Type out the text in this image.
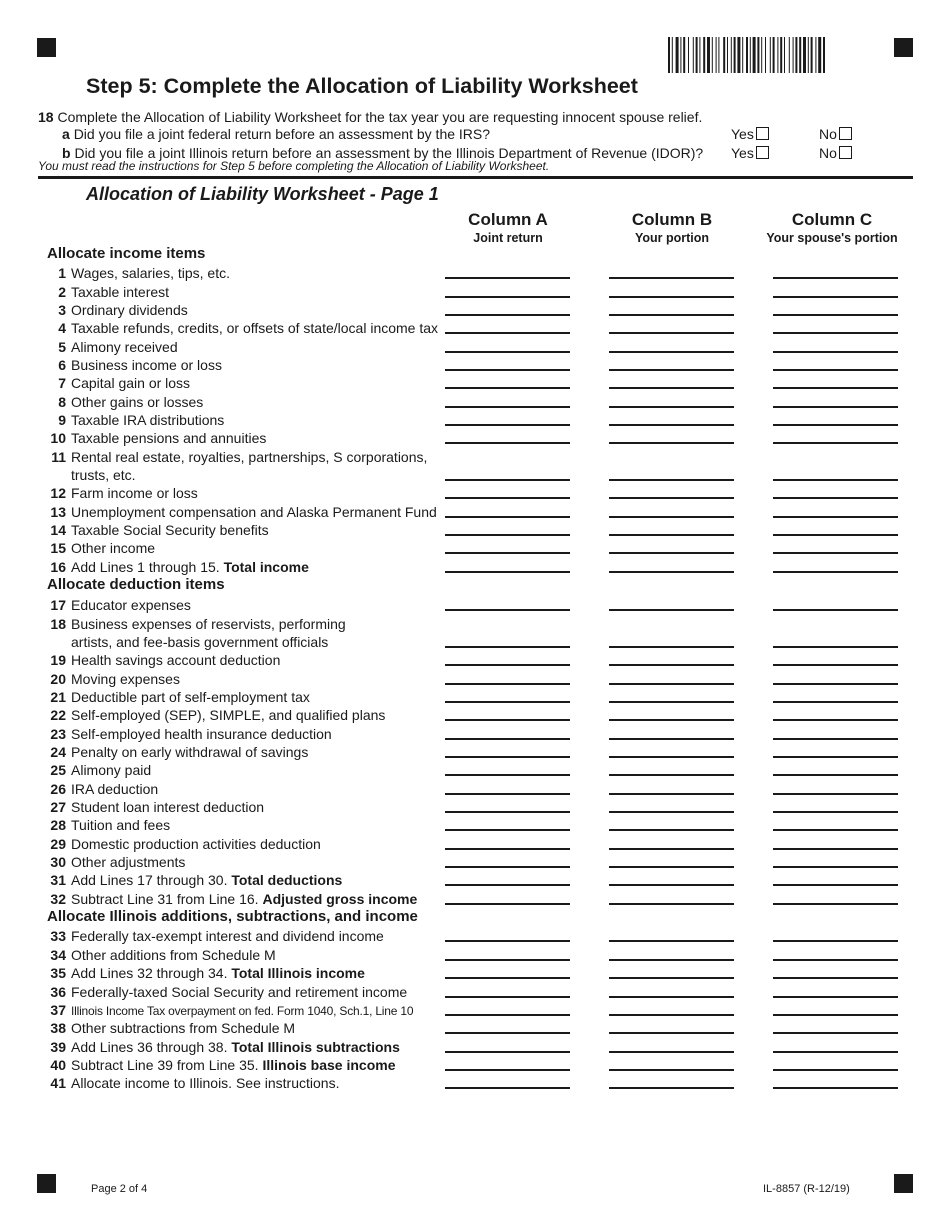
Step 5: Complete the Allocation of Liability Worksheet
18 Complete the Allocation of Liability Worksheet for the tax year you are requesting innocent spouse relief.
a Did you file a joint federal return before an assessment by the IRS?
b Did you file a joint Illinois return before an assessment by the Illinois Department of Revenue (IDOR)?
Yes	No
Yes	No
You must read the instructions for Step 5 before completing the Allocation of Liability Worksheet.
Allocation of Liability Worksheet - Page 1
Column A
Joint return
Column B
Your portion
Column C
Your spouse's portion
Allocate income items
Allocate deduction items
Allocate Illinois additions, subtractions, and income
1 Wages, salaries, tips, etc.
2 Taxable interest
3 Ordinary dividends
4 Taxable refunds, credits, or offsets of state/local income tax
5 Alimony received
6 Business income or loss
7 Capital gain or loss
8 Other gains or losses
9 Taxable IRA distributions
10 Taxable pensions and annuities
11 Rental real estate, royalties, partnerships, S corporations,
trusts, etc.
12 Farm income or loss
13 Unemployment compensation and Alaska Permanent Fund
14 Taxable Social Security benefits
15 Other income
16 Add Lines 1 through 15. Total income
17 Educator expenses
18 Business expenses of reservists, performing
artists, and fee-basis government officials
19 Health savings account deduction
20 Moving expenses
21 Deductible part of self-employment tax
22 Self-employed (SEP), SIMPLE, and qualified plans
23 Self-employed health insurance deduction
24 Penalty on early withdrawal of savings
25 Alimony paid
26 IRA deduction
27 Student loan interest deduction
28 Tuition and fees
29 Domestic production activities deduction
30 Other adjustments
31 Add Lines 17 through 30. Total deductions
32 Subtract Line 31 from Line 16. Adjusted gross income
33 Federally tax-exempt interest and dividend income
34 Other additions from Schedule M
35 Add Lines 32 through 34. Total Illinois income
36 Federally-taxed Social Security and retirement income
37 Illinois Income Tax overpayment on fed. Form 1040, Sch.1, Line 10
38 Other subtractions from Schedule M
39 Add Lines 36 through 38. Total Illinois subtractions
40 Subtract Line 39 from Line 35. Illinois base income
41 Allocate income to Illinois. See instructions.
Page 2 of 4	IL-8857 (R-12/19)
